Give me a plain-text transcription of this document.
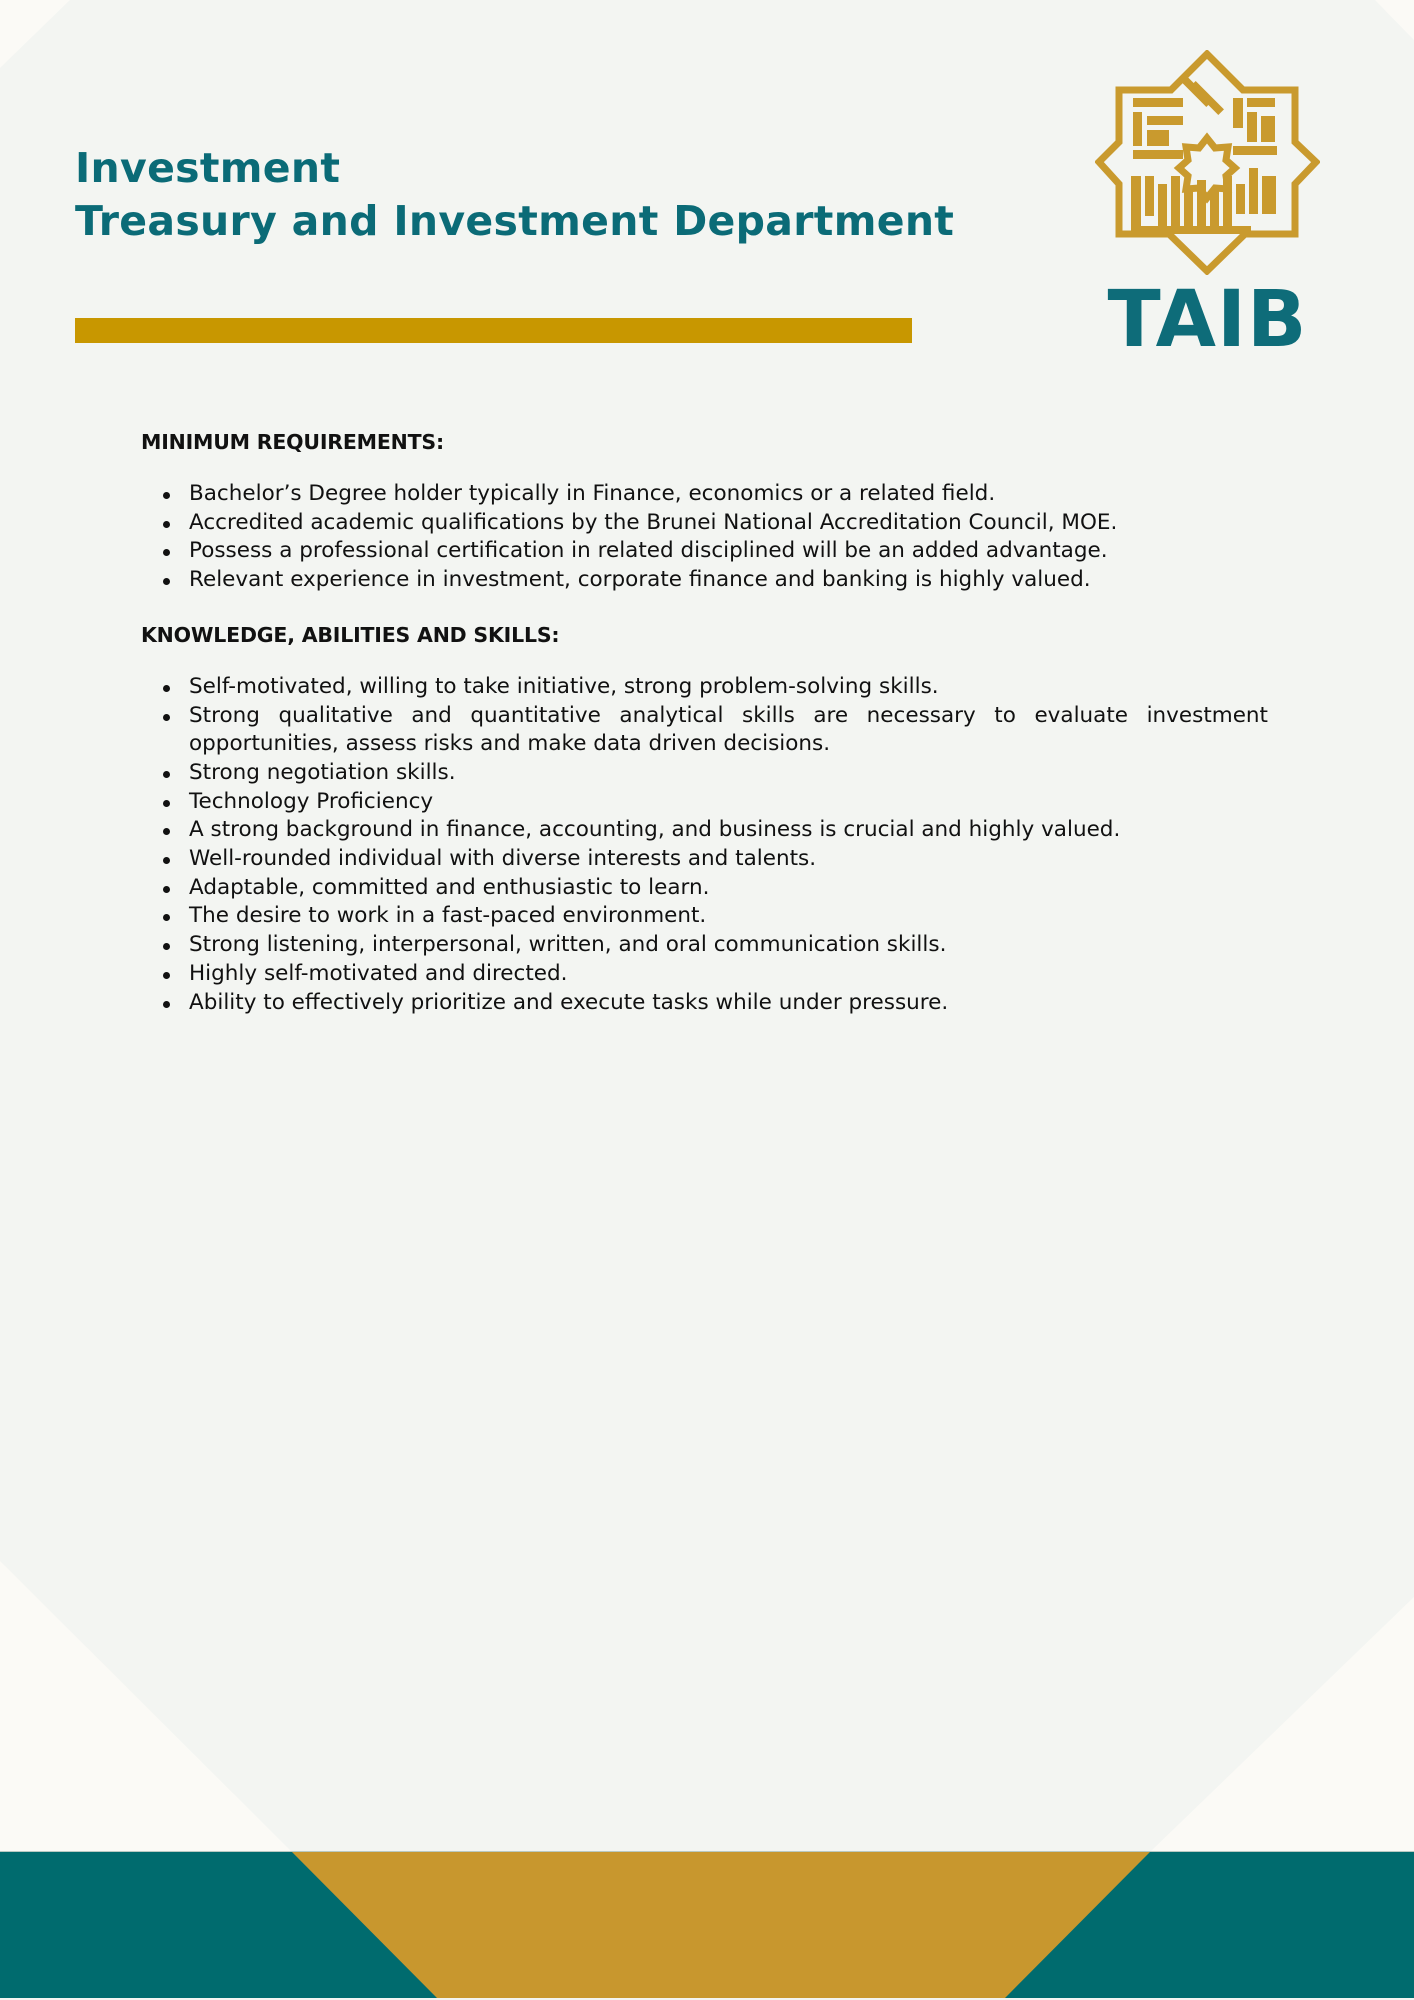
Investment
Treasury and Investment Department
TAIB
MINIMUM REQUIREMENTS:
Bachelor’s Degree holder typically in Finance, economics or a related field.
Accredited academic qualifications by the Brunei National Accreditation Council, MOE.
Possess a professional certification in related disciplined will be an added advantage.
Relevant experience in investment, corporate finance and banking is highly valued.
KNOWLEDGE, ABILITIES AND SKILLS:
Self-motivated, willing to take initiative, strong problem-solving skills.
Strong qualitative and quantitative analytical skills are necessary to evaluate investment opportunities, assess risks and make data driven decisions.
Strong negotiation skills.
Technology Proficiency
A strong background in finance, accounting, and business is crucial and highly valued.
Well-rounded individual with diverse interests and talents.
Adaptable, committed and enthusiastic to learn.
The desire to work in a fast-paced environment.
Strong listening, interpersonal, written, and oral communication skills.
Highly self-motivated and directed.
Ability to effectively prioritize and execute tasks while under pressure.
